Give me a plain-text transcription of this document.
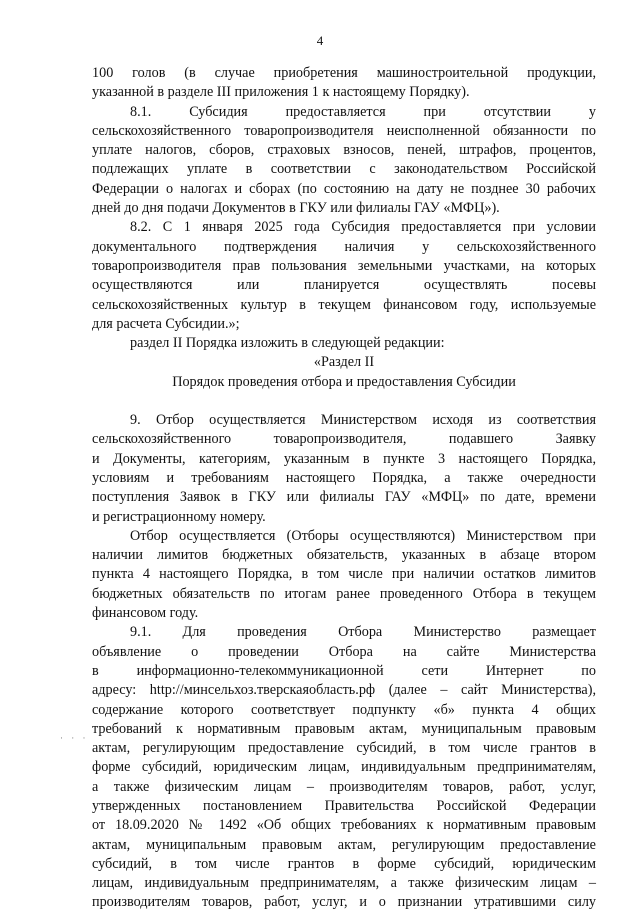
4

100 голов (в случае приобретения машиностроительной продукции,

указанной в разделе III приложения 1 к настоящему Порядку).

8.1. Субсидия предоставляется при отсутствии у

сельскохозяйственного товаропроизводителя неисполненной обязанности по

уплате налогов, сборов, страховых взносов, пеней, штрафов, процентов,

подлежащих уплате в соответствии с законодательством Российской

Федерации о налогах и сборах (по состоянию на дату не позднее 30 рабочих

дней до дня подачи Документов в ГКУ или филиалы ГАУ «МФЦ»).

8.2. С 1 января 2025 года Субсидия предоставляется при условии

документального подтверждения наличия у сельскохозяйственного

товаропроизводителя прав пользования земельными участками, на которых

осуществляются или планируется осуществлять посевы

сельскохозяйственных культур в текущем финансовом году, используемые

для расчета Субсидии.»;

раздел II Порядка изложить в следующей редакции:

«Раздел II

Порядок проведения отбора и предоставления Субсидии

9. Отбор осуществляется Министерством исходя из соответствия

сельскохозяйственного товаропроизводителя, подавшего Заявку

и Документы, категориям, указанным в пункте 3 настоящего Порядка,

условиям и требованиям настоящего Порядка, а также очередности

поступления Заявок в ГКУ или филиалы ГАУ «МФЦ» по дате, времени

и регистрационному номеру.

Отбор осуществляется (Отборы осуществляются) Министерством при

наличии лимитов бюджетных обязательств, указанных в абзаце втором

пункта 4 настоящего Порядка, в том числе при наличии остатков лимитов

бюджетных обязательств по итогам ранее проведенного Отбора в текущем

финансовом году.

9.1. Для проведения Отбора Министерство размещает

объявление о проведении Отбора на сайте Министерства

в информационно-телекоммуникационной сети Интернет по

адресу: http://минсельхоз.тверскаяобласть.рф (далее – сайт Министерства),

содержание которого соответствует подпункту «б» пункта 4 общих

требований к нормативным правовым актам, муниципальным правовым

актам, регулирующим предоставление субсидий, в том числе грантов в

форме субсидий, юридическим лицам, индивидуальным предпринимателям,

а также физическим лицам – производителям товаров, работ, услуг,

утвержденных постановлением Правительства Российской Федерации

от 18.09.2020 № 1492 «Об общих требованиях к нормативным правовым

актам, муниципальным правовым актам, регулирующим предоставление

субсидий, в том числе грантов в форме субсидий, юридическим

лицам, индивидуальным предпринимателям, а также физическим лицам –

производителям товаров, работ, услуг, и о признании утратившими силу

· · ·
